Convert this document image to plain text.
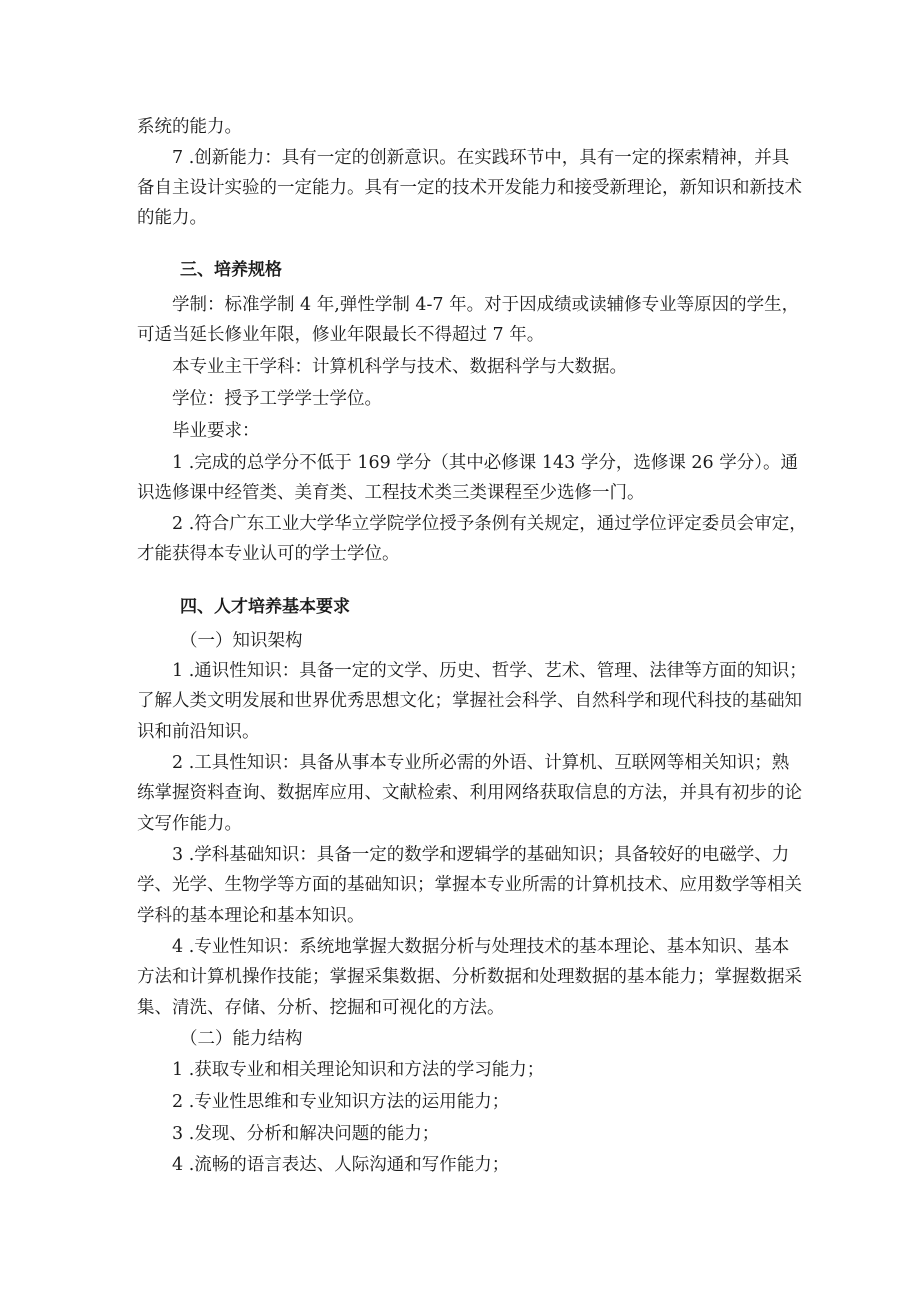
系统的能力。
7 .创新能力：具有一定的创新意识。在实践环节中，具有一定的探索精神，并具
备自主设计实验的一定能力。具有一定的技术开发能力和接受新理论，新知识和新技术
的能力。
三、培养规格
学制：标准学制 4 年,弹性学制 4-7 年。对于因成绩或读辅修专业等原因的学生，
可适当延长修业年限，修业年限最长不得超过 7 年。
本专业主干学科：计算机科学与技术、数据科学与大数据。
学位：授予工学学士学位。
毕业要求：
1 .完成的总学分不低于 169 学分（其中必修课 143 学分，选修课 26 学分）。通
识选修课中经管类、美育类、工程技术类三类课程至少选修一门。
2 .符合广东工业大学华立学院学位授予条例有关规定，通过学位评定委员会审定，
才能获得本专业认可的学士学位。
四、人才培养基本要求
（一）知识架构
1 .通识性知识：具备一定的文学、历史、哲学、艺术、管理、法律等方面的知识；
了解人类文明发展和世界优秀思想文化；掌握社会科学、自然科学和现代科技的基础知
识和前沿知识。
2 .工具性知识：具备从事本专业所必需的外语、计算机、互联网等相关知识；熟
练掌握资料查询、数据库应用、文献检索、利用网络获取信息的方法，并具有初步的论
文写作能力。
3 .学科基础知识：具备一定的数学和逻辑学的基础知识；具备较好的电磁学、力
学、光学、生物学等方面的基础知识；掌握本专业所需的计算机技术、应用数学等相关
学科的基本理论和基本知识。
4 .专业性知识：系统地掌握大数据分析与处理技术的基本理论、基本知识、基本
方法和计算机操作技能；掌握采集数据、分析数据和处理数据的基本能力；掌握数据采
集、清洗、存储、分析、挖掘和可视化的方法。
（二）能力结构
1 .获取专业和相关理论知识和方法的学习能力；
2 .专业性思维和专业知识方法的运用能力；
3 .发现、分析和解决问题的能力；
4 .流畅的语言表达、人际沟通和写作能力；
